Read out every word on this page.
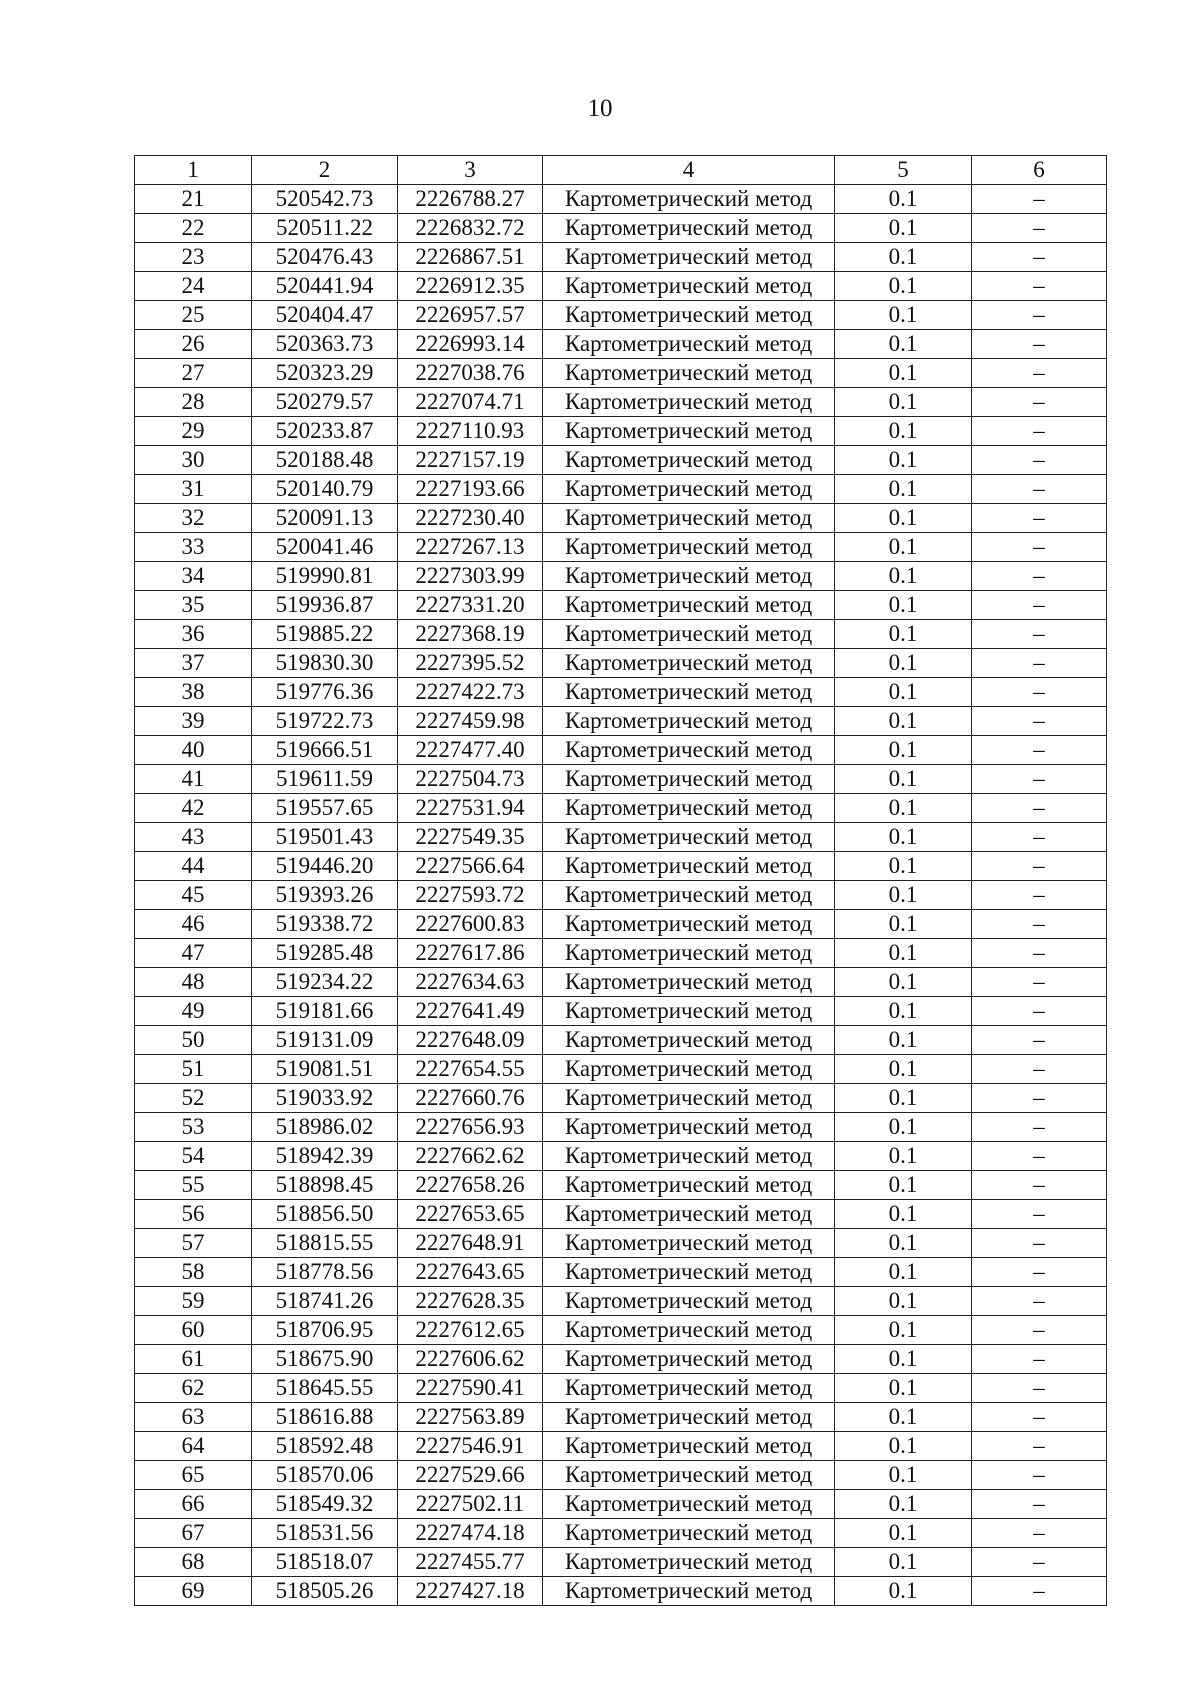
10
1	2	3	4	5	6
21	520542.73	2226788.27	Картометрический метод	0.1	–
22	520511.22	2226832.72	Картометрический метод	0.1	–
23	520476.43	2226867.51	Картометрический метод	0.1	–
24	520441.94	2226912.35	Картометрический метод	0.1	–
25	520404.47	2226957.57	Картометрический метод	0.1	–
26	520363.73	2226993.14	Картометрический метод	0.1	–
27	520323.29	2227038.76	Картометрический метод	0.1	–
28	520279.57	2227074.71	Картометрический метод	0.1	–
29	520233.87	2227110.93	Картометрический метод	0.1	–
30	520188.48	2227157.19	Картометрический метод	0.1	–
31	520140.79	2227193.66	Картометрический метод	0.1	–
32	520091.13	2227230.40	Картометрический метод	0.1	–
33	520041.46	2227267.13	Картометрический метод	0.1	–
34	519990.81	2227303.99	Картометрический метод	0.1	–
35	519936.87	2227331.20	Картометрический метод	0.1	–
36	519885.22	2227368.19	Картометрический метод	0.1	–
37	519830.30	2227395.52	Картометрический метод	0.1	–
38	519776.36	2227422.73	Картометрический метод	0.1	–
39	519722.73	2227459.98	Картометрический метод	0.1	–
40	519666.51	2227477.40	Картометрический метод	0.1	–
41	519611.59	2227504.73	Картометрический метод	0.1	–
42	519557.65	2227531.94	Картометрический метод	0.1	–
43	519501.43	2227549.35	Картометрический метод	0.1	–
44	519446.20	2227566.64	Картометрический метод	0.1	–
45	519393.26	2227593.72	Картометрический метод	0.1	–
46	519338.72	2227600.83	Картометрический метод	0.1	–
47	519285.48	2227617.86	Картометрический метод	0.1	–
48	519234.22	2227634.63	Картометрический метод	0.1	–
49	519181.66	2227641.49	Картометрический метод	0.1	–
50	519131.09	2227648.09	Картометрический метод	0.1	–
51	519081.51	2227654.55	Картометрический метод	0.1	–
52	519033.92	2227660.76	Картометрический метод	0.1	–
53	518986.02	2227656.93	Картометрический метод	0.1	–
54	518942.39	2227662.62	Картометрический метод	0.1	–
55	518898.45	2227658.26	Картометрический метод	0.1	–
56	518856.50	2227653.65	Картометрический метод	0.1	–
57	518815.55	2227648.91	Картометрический метод	0.1	–
58	518778.56	2227643.65	Картометрический метод	0.1	–
59	518741.26	2227628.35	Картометрический метод	0.1	–
60	518706.95	2227612.65	Картометрический метод	0.1	–
61	518675.90	2227606.62	Картометрический метод	0.1	–
62	518645.55	2227590.41	Картометрический метод	0.1	–
63	518616.88	2227563.89	Картометрический метод	0.1	–
64	518592.48	2227546.91	Картометрический метод	0.1	–
65	518570.06	2227529.66	Картометрический метод	0.1	–
66	518549.32	2227502.11	Картометрический метод	0.1	–
67	518531.56	2227474.18	Картометрический метод	0.1	–
68	518518.07	2227455.77	Картометрический метод	0.1	–
69	518505.26	2227427.18	Картометрический метод	0.1	–
